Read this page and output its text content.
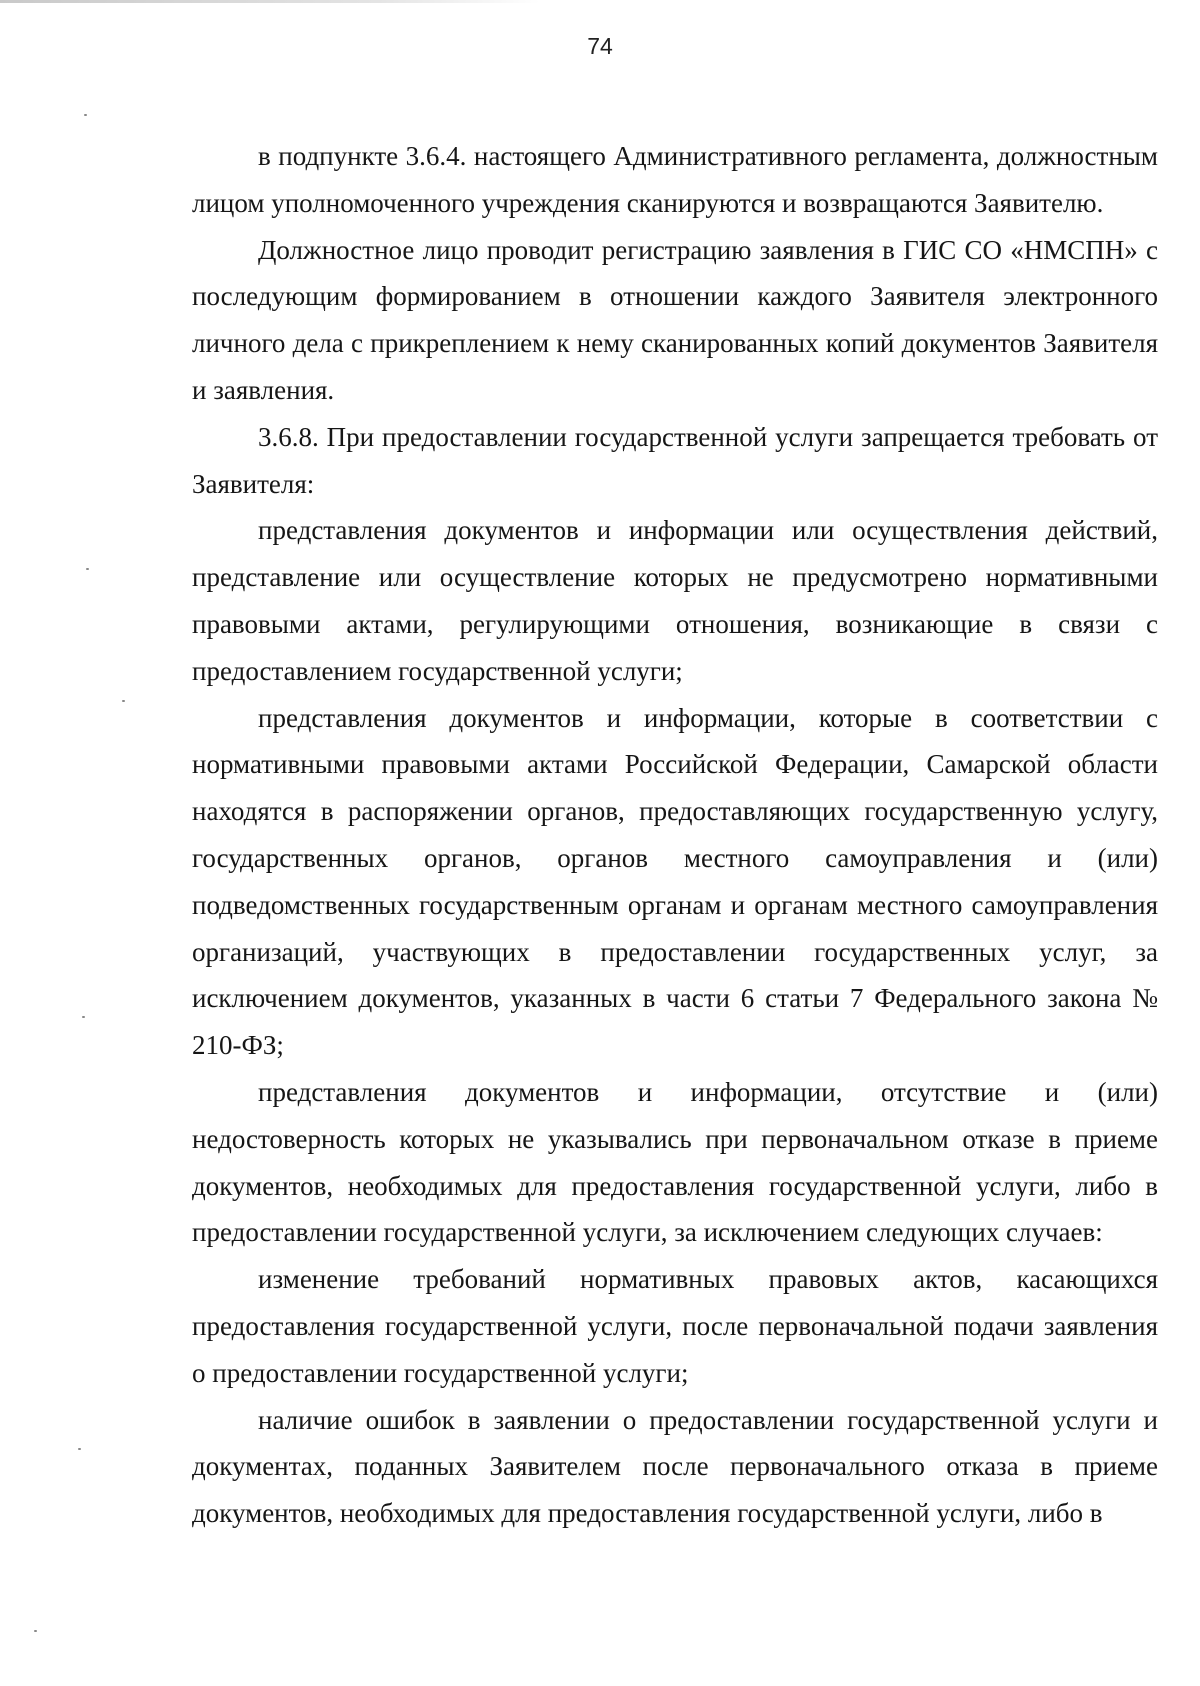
74

в подпункте 3.6.4. настоящего Административного регламента, должностным лицом уполномоченного учреждения сканируются и возвращаются Заявителю.

Должностное лицо проводит регистрацию заявления в ГИС СО «НМСПН» с последующим формированием в отношении каждого Заявителя электронного личного дела с прикреплением к нему сканированных копий документов Заявителя и заявления.

3.6.8. При предоставлении государственной услуги запрещается требовать от Заявителя:

представления документов и информации или осуществления действий, представление или осуществление которых не предусмотрено нормативными правовыми актами, регулирующими отношения, возникающие в связи с предоставлением государственной услуги;

представления документов и информации, которые в соответствии с нормативными правовыми актами Российской Федерации, Самарской области находятся в распоряжении органов, предоставляющих государственную услугу, государственных органов, органов местного самоуправления и (или) подведомственных государственным органам и органам местного самоуправления организаций, участвующих в предоставлении государственных услуг, за исключением документов, указанных в части 6 статьи 7 Федерального закона № 210-ФЗ;

представления документов и информации, отсутствие и (или) недостоверность которых не указывались при первоначальном отказе в приеме документов, необходимых для предоставления государственной услуги, либо в предоставлении государственной услуги, за исключением следующих случаев:

изменение требований нормативных правовых актов, касающихся предоставления государственной услуги, после первоначальной подачи заявления о предоставлении государственной услуги;

наличие ошибок в заявлении о предоставлении государственной услуги и документах, поданных Заявителем после первоначального отказа в приеме документов, необходимых для предоставления государственной услуги, либо в
